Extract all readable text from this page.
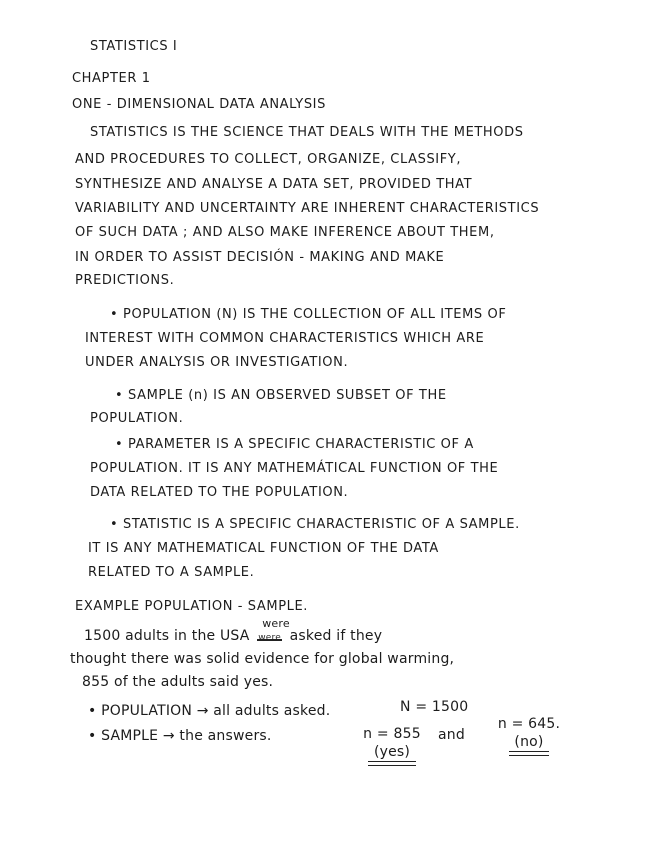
STATISTICS I
CHAPTER 1
ONE - DIMENSIONAL DATA ANALYSIS
STATISTICS IS THE SCIENCE THAT DEALS WITH THE METHODS
AND PROCEDURES TO COLLECT, ORGANIZE, CLASSIFY,
SYNTHESIZE AND ANALYSE A DATA SET, PROVIDED THAT
VARIABILITY AND UNCERTAINTY ARE INHERENT CHARACTERISTICS
OF SUCH DATA ; AND ALSO MAKE INFERENCE ABOUT THEM,
IN ORDER TO ASSIST DECISIÓN - MAKING AND MAKE
PREDICTIONS.
• POPULATION (N) IS THE COLLECTION OF ALL ITEMS OF
INTEREST WITH COMMON CHARACTERISTICS WHICH ARE
UNDER ANALYSIS OR INVESTIGATION.
• SAMPLE (n) IS AN OBSERVED SUBSET OF THE
POPULATION.
• PARAMETER IS A SPECIFIC CHARACTERISTIC OF A
POPULATION. IT IS ANY MATHEMÁTICAL FUNCTION OF THE
DATA RELATED TO THE POPULATION.
• STATISTIC IS A SPECIFIC CHARACTERISTIC OF A SAMPLE.
IT IS ANY MATHEMATICAL FUNCTION OF THE DATA
RELATED TO A SAMPLE.
EXAMPLE POPULATION - SAMPLE.
1500 adults in the USA
were
were asked if they
thought there was solid evidence for global warming,
855 of the adults said yes.
• POPULATION → all adults asked.	N = 1500
• SAMPLE → the answers.	n = 855
(yes)
and
n = 645.
(no)
